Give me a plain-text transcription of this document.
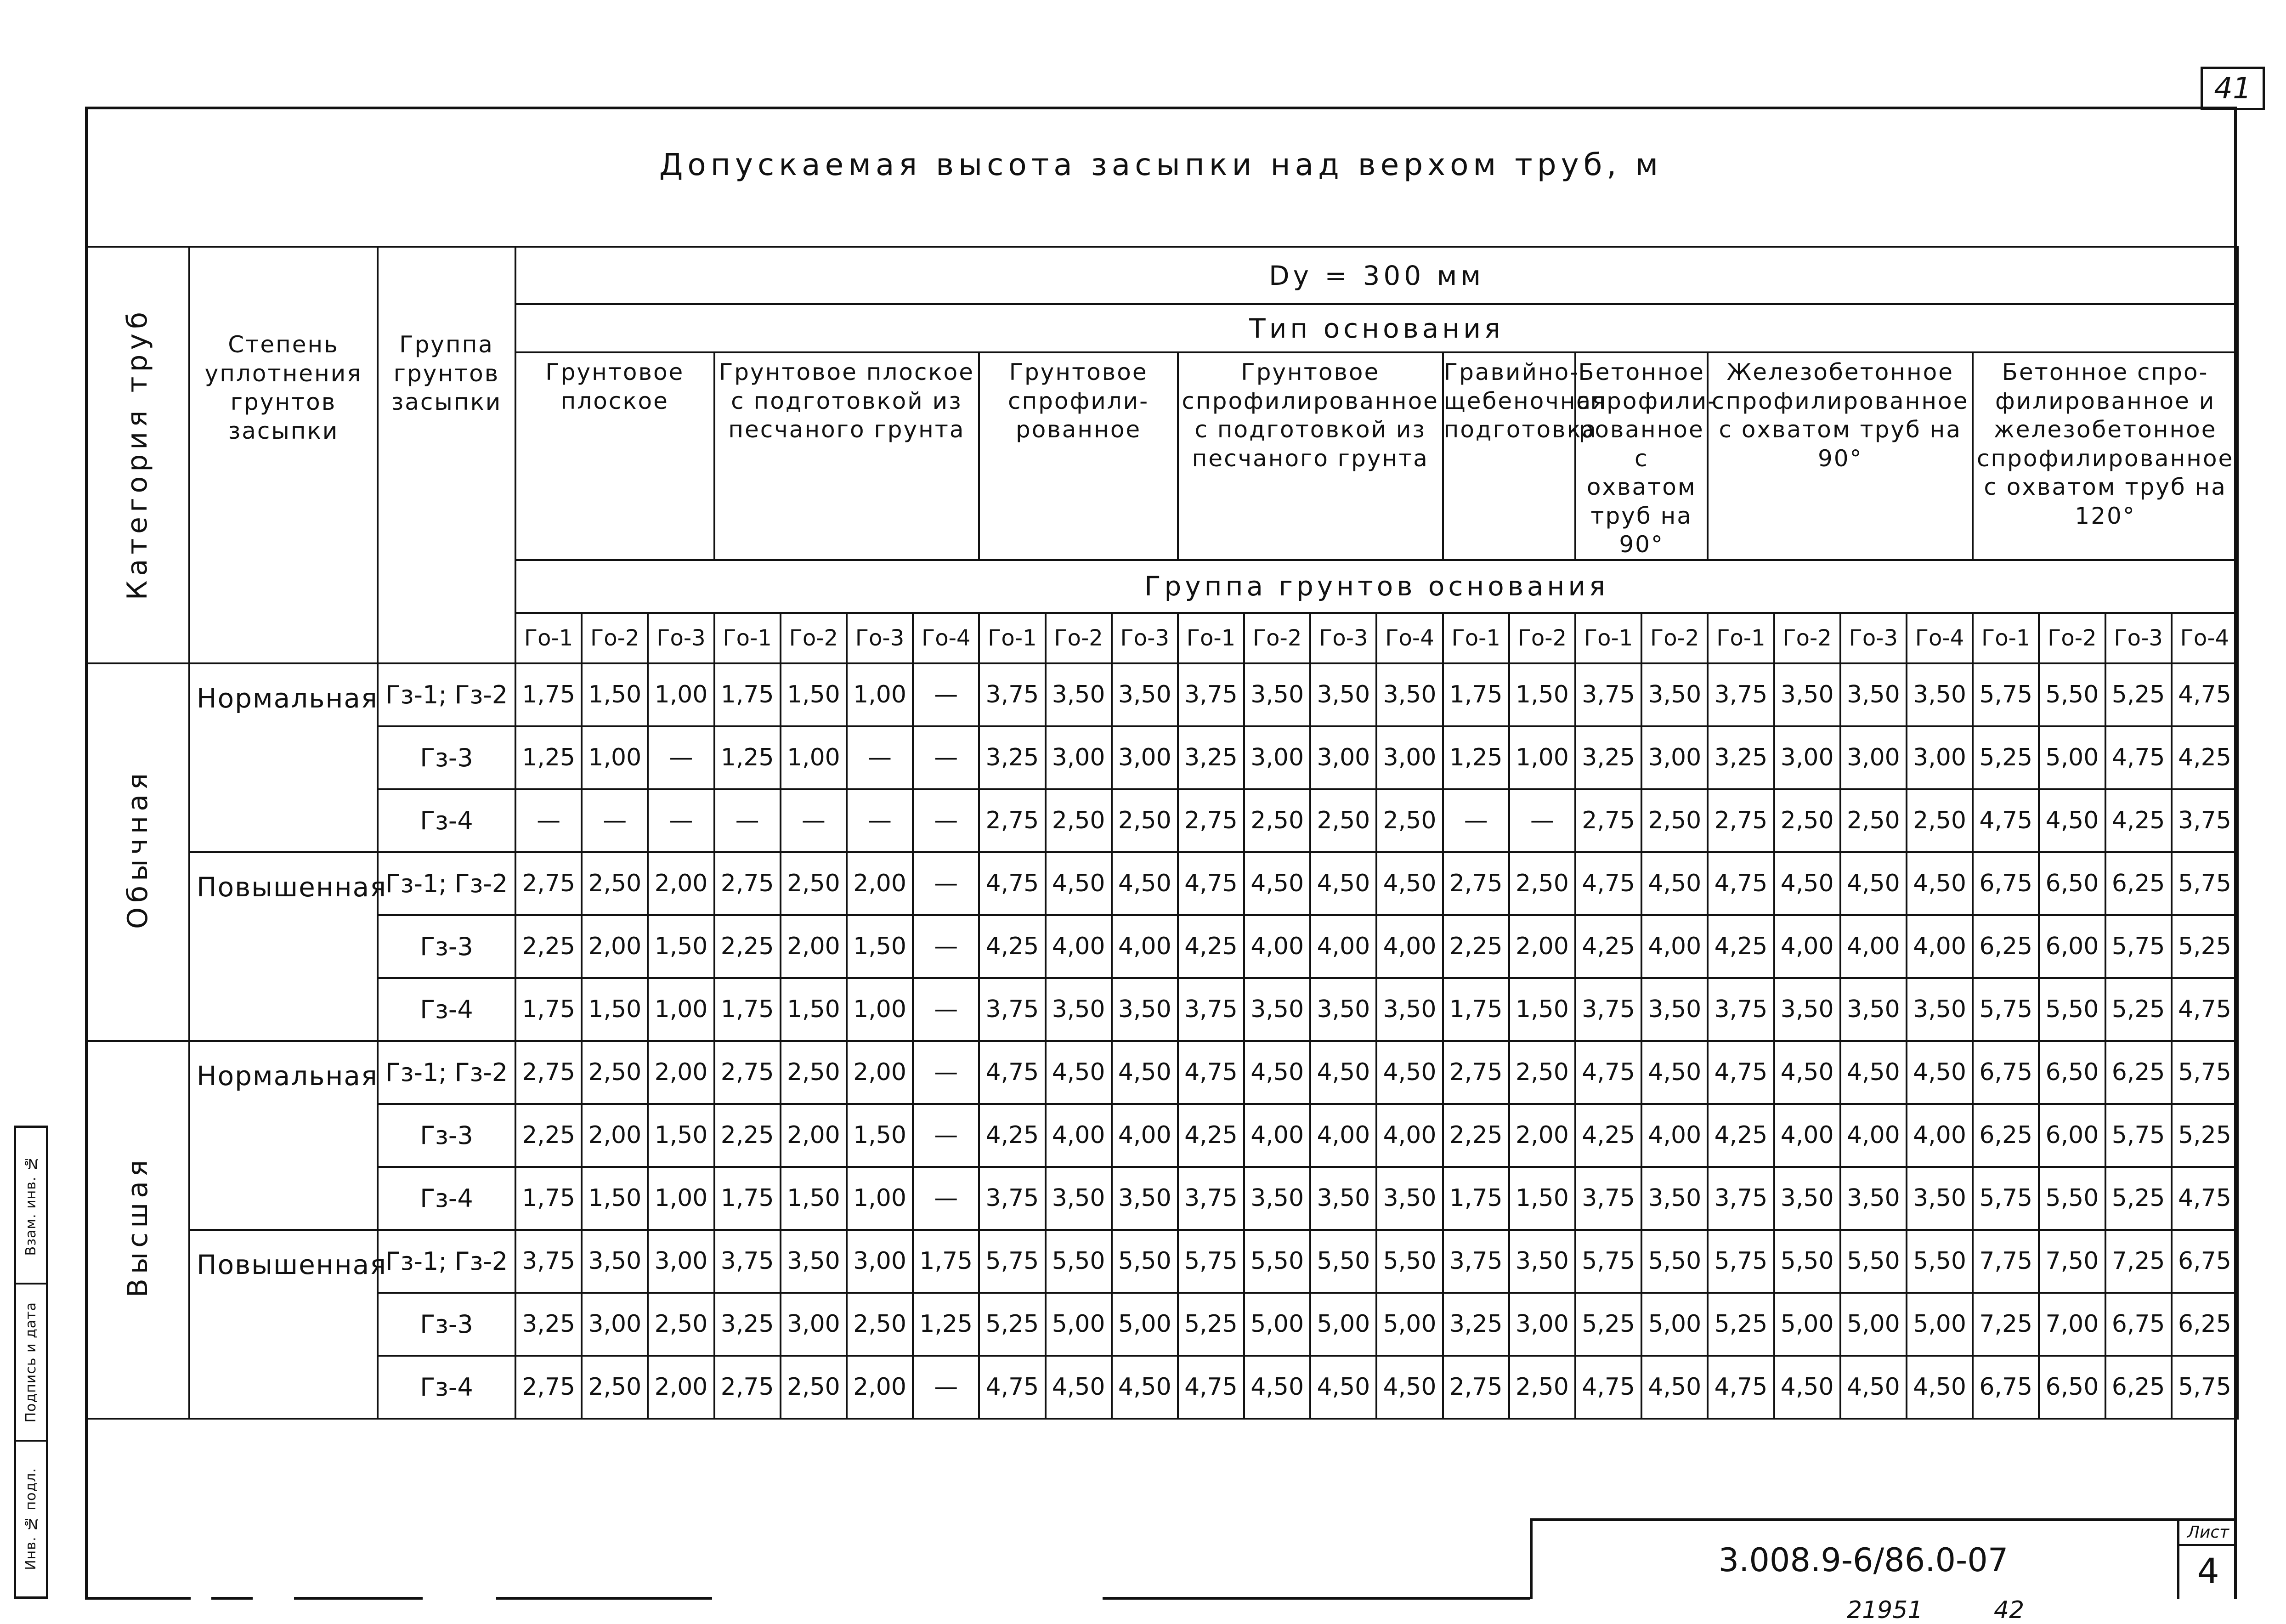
41
Допускаемая высота засыпки над верхом труб, м
Категория труб	Степень уплотнения грунтов засыпки	Группа грунтов засыпки	Dy = 300 мм																									
			Тип основания																									
			Грунтовое плоское			Грунтовое плоское с подготовкой из песчаного грунта				Грунтовое спрофили-рованное			Грунтовое спрофилированное с подготовкой из песчаного грунта				Гравийно-щебеночная подготовка		Бетонное спрофили-рованное с охватом труб на 90°		Железобетонное спрофилированное с охватом труб на 90°				Бетонное спро-филированное и железобетонное спрофилированное с охватом труб на 120°			
			Группа грунтов основания																									
			Го-1	Го-2	Го-3	Го-1	Го-2	Го-3	Го-4	Го-1	Го-2	Го-3	Го-1	Го-2	Го-3	Го-4	Го-1	Го-2	Го-1	Го-2	Го-1	Го-2	Го-3	Го-4	Го-1	Го-2	Го-3	Го-4
Обычная	Нормальная	Гз-1; Гз-2	1,75	1,50	1,00	1,75	1,50	1,00	—	3,75	3,50	3,50	3,75	3,50	3,50	3,50	1,75	1,50	3,75	3,50	3,75	3,50	3,50	3,50	5,75	5,50	5,25	4,75
		Гз-3	1,25	1,00	—	1,25	1,00	—	—	3,25	3,00	3,00	3,25	3,00	3,00	3,00	1,25	1,00	3,25	3,00	3,25	3,00	3,00	3,00	5,25	5,00	4,75	4,25
		Гз-4	—	—	—	—	—	—	—	2,75	2,50	2,50	2,75	2,50	2,50	2,50	—	—	2,75	2,50	2,75	2,50	2,50	2,50	4,75	4,50	4,25	3,75
	Повышенная	Гз-1; Гз-2	2,75	2,50	2,00	2,75	2,50	2,00	—	4,75	4,50	4,50	4,75	4,50	4,50	4,50	2,75	2,50	4,75	4,50	4,75	4,50	4,50	4,50	6,75	6,50	6,25	5,75
		Гз-3	2,25	2,00	1,50	2,25	2,00	1,50	—	4,25	4,00	4,00	4,25	4,00	4,00	4,00	2,25	2,00	4,25	4,00	4,25	4,00	4,00	4,00	6,25	6,00	5,75	5,25
		Гз-4	1,75	1,50	1,00	1,75	1,50	1,00	—	3,75	3,50	3,50	3,75	3,50	3,50	3,50	1,75	1,50	3,75	3,50	3,75	3,50	3,50	3,50	5,75	5,50	5,25	4,75
Высшая	Нормальная	Гз-1; Гз-2	2,75	2,50	2,00	2,75	2,50	2,00	—	4,75	4,50	4,50	4,75	4,50	4,50	4,50	2,75	2,50	4,75	4,50	4,75	4,50	4,50	4,50	6,75	6,50	6,25	5,75
		Гз-3	2,25	2,00	1,50	2,25	2,00	1,50	—	4,25	4,00	4,00	4,25	4,00	4,00	4,00	2,25	2,00	4,25	4,00	4,25	4,00	4,00	4,00	6,25	6,00	5,75	5,25
		Гз-4	1,75	1,50	1,00	1,75	1,50	1,00	—	3,75	3,50	3,50	3,75	3,50	3,50	3,50	1,75	1,50	3,75	3,50	3,75	3,50	3,50	3,50	5,75	5,50	5,25	4,75
	Повышенная	Гз-1; Гз-2	3,75	3,50	3,00	3,75	3,50	3,00	1,75	5,75	5,50	5,50	5,75	5,50	5,50	5,50	3,75	3,50	5,75	5,50	5,75	5,50	5,50	5,50	7,75	7,50	7,25	6,75
		Гз-3	3,25	3,00	2,50	3,25	3,00	2,50	1,25	5,25	5,00	5,00	5,25	5,00	5,00	5,00	3,25	3,00	5,25	5,00	5,25	5,00	5,00	5,00	7,25	7,00	6,75	6,25
		Гз-4	2,75	2,50	2,00	2,75	2,50	2,00	—	4,75	4,50	4,50	4,75	4,50	4,50	4,50	2,75	2,50	4,75	4,50	4,75	4,50	4,50	4,50	6,75	6,50	6,25	5,75
Взам. инв. №
Подпись и дата
Инв. № подл.	3.008.9-6/86.0-07
Лист
4
21951	42
